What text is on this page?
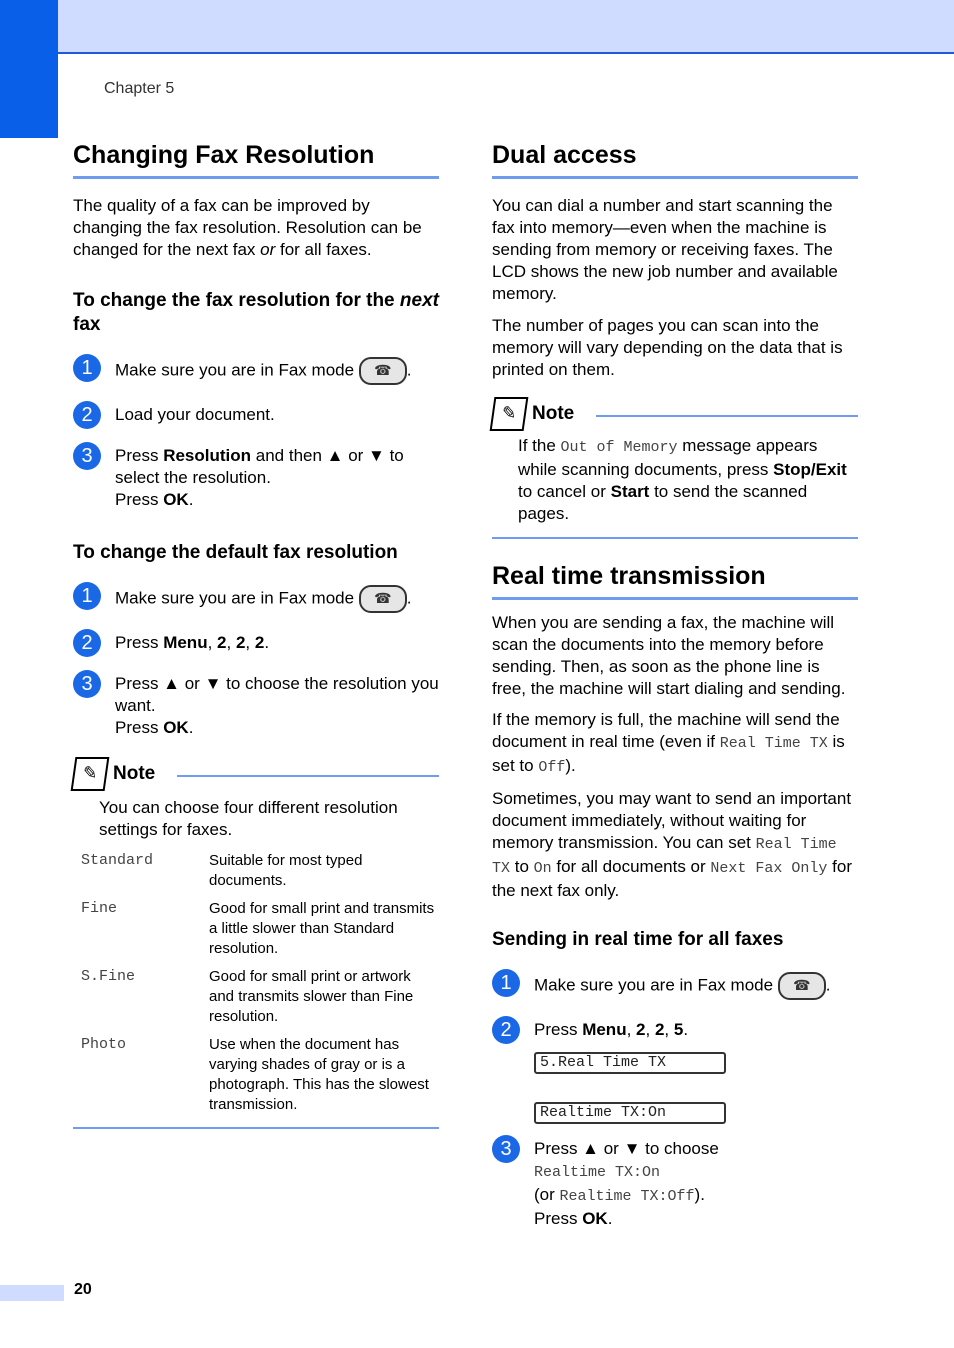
Chapter 5
Changing Fax Resolution

The quality of a fax can be improved by changing the fax resolution. Resolution can be changed for the next fax or for all faxes.

To change the fax resolution for the next fax
1	Make sure you are in Fax mode ☎ .
2	Load your document.
3	Press Resolution and then ▲ or ▼ to select the resolution.
Press OK.
To change the default fax resolution
1	Make sure you are in Fax mode ☎ .
2	Press Menu, 2, 2, 2.
3	Press ▲ or ▼ to choose the resolution you want.
Press OK.
✎ Note

You can choose four different resolution settings for faxes.

Standard	Suitable for most typed documents.
Fine	Good for small print and transmits a little slower than Standard resolution.
S.Fine	Good for small print or artwork and transmits slower than Fine resolution.
Photo	Use when the document has varying shades of gray or is a photograph. This has the slowest transmission.
Dual access

You can dial a number and start scanning the fax into memory—even when the machine is sending from memory or receiving faxes. The LCD shows the new job number and available memory.

The number of pages you can scan into the memory will vary depending on the data that is printed on them.

✎ Note

If the Out of Memory message appears while scanning documents, press Stop/Exit to cancel or Start to send the scanned pages.

Real time transmission

When you are sending a fax, the machine will scan the documents into the memory before sending. Then, as soon as the phone line is free, the machine will start dialing and sending.

If the memory is full, the machine will send the document in real time (even if Real Time TX is set to Off).

Sometimes, you may want to send an important document immediately, without waiting for memory transmission. You can set Real Time TX to On for all documents or Next Fax Only for the next fax only.

Sending in real time for all faxes
1	Make sure you are in Fax mode ☎ .
2	Press Menu, 2, 2, 5.
5.Real Time TX
Realtime TX:On
3	Press ▲ or ▼ to choose
Realtime TX:On
(or Realtime TX:Off).
Press OK.
20
